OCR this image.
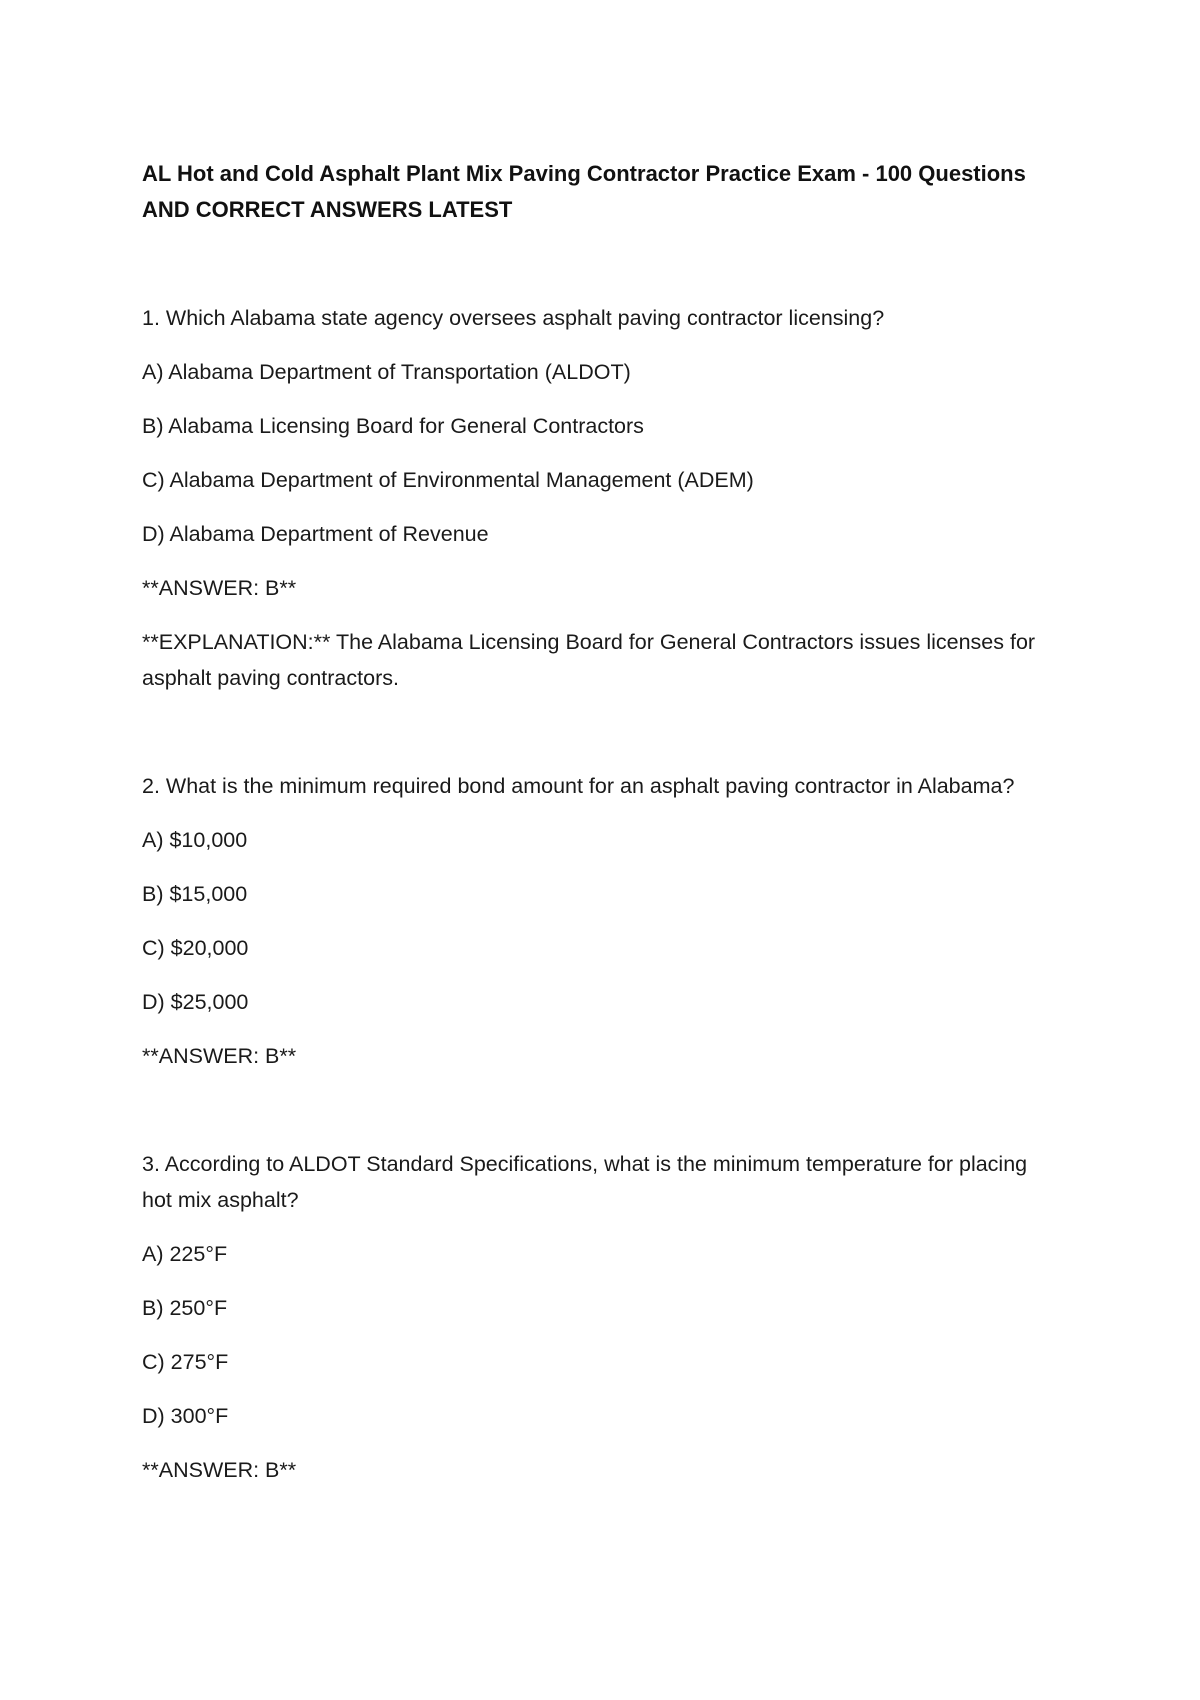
AL Hot and Cold Asphalt Plant Mix Paving Contractor Practice Exam - 100 Questions AND CORRECT ANSWERS LATEST

1. Which Alabama state agency oversees asphalt paving contractor licensing?

A) Alabama Department of Transportation (ALDOT)

B) Alabama Licensing Board for General Contractors

C) Alabama Department of Environmental Management (ADEM)

D) Alabama Department of Revenue

**ANSWER: B**

**EXPLANATION:** The Alabama Licensing Board for General Contractors issues licenses for asphalt paving contractors.

2. What is the minimum required bond amount for an asphalt paving contractor in Alabama?

A) $10,000

B) $15,000

C) $20,000

D) $25,000

**ANSWER: B**

3. According to ALDOT Standard Specifications, what is the minimum temperature for placing hot mix asphalt?

A) 225°F

B) 250°F

C) 275°F

D) 300°F

**ANSWER: B**
